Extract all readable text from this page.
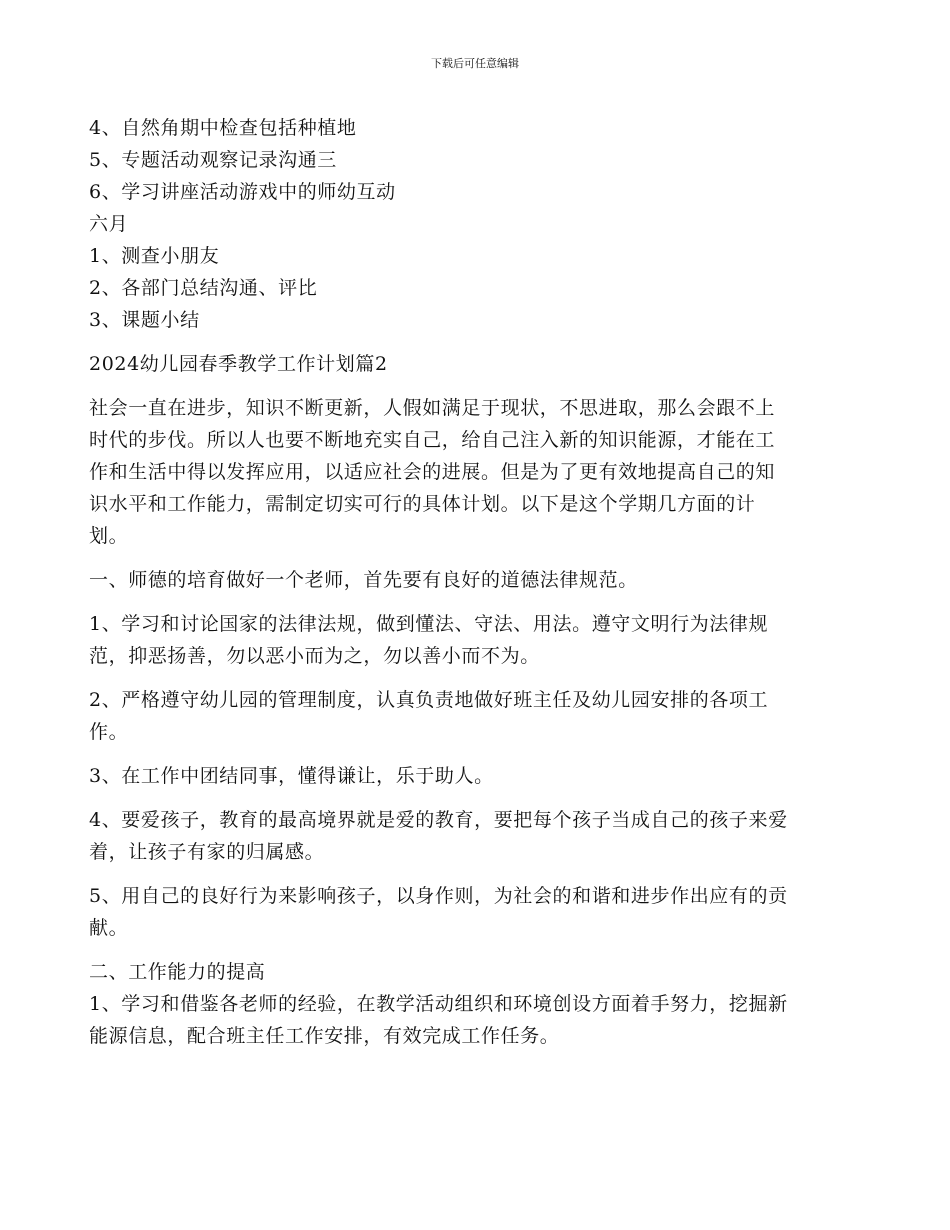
下载后可任意编辑
4、自然角期中检查包括种植地
5、专题活动观察记录沟通三
6、学习讲座活动游戏中的师幼互动
六月
1、测查小朋友
2、各部门总结沟通、评比
3、课题小结
2024幼儿园春季教学工作计划篇2
社会一直在进步，知识不断更新，人假如满足于现状，不思进取，那么会跟不上
时代的步伐。所以人也要不断地充实自己，给自己注入新的知识能源，才能在工
作和生活中得以发挥应用，以适应社会的进展。但是为了更有效地提高自己的知
识水平和工作能力，需制定切实可行的具体计划。以下是这个学期几方面的计
划。
一、师德的培育做好一个老师，首先要有良好的道德法律规范。
1、学习和讨论国家的法律法规，做到懂法、守法、用法。遵守文明行为法律规
范，抑恶扬善，勿以恶小而为之，勿以善小而不为。
2、严格遵守幼儿园的管理制度，认真负责地做好班主任及幼儿园安排的各项工
作。
3、在工作中团结同事，懂得谦让，乐于助人。
4、要爱孩子，教育的最高境界就是爱的教育，要把每个孩子当成自己的孩子来爱
着，让孩子有家的归属感。
5、用自己的良好行为来影响孩子，以身作则，为社会的和谐和进步作出应有的贡
献。
二、工作能力的提高
1、学习和借鉴各老师的经验，在教学活动组织和环境创设方面着手努力，挖掘新
能源信息，配合班主任工作安排，有效完成工作任务。
